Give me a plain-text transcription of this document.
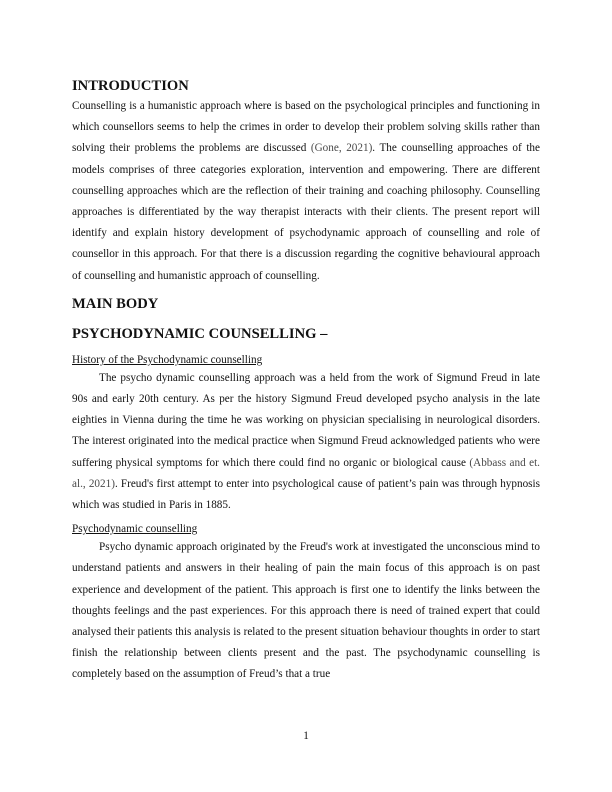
INTRODUCTION

Counselling is a humanistic approach where is based on the psychological principles and functioning in which counsellors seems to help the crimes in order to develop their problem solving skills rather than solving their problems the problems are discussed (Gone, 2021). The counselling approaches of the models comprises of three categories exploration, intervention and empowering. There are different counselling approaches which are the reflection of their training and coaching philosophy. Counselling approaches is differentiated by the way therapist interacts with their clients. The present report will identify and explain history development of psychodynamic approach of counselling and role of counsellor in this approach. For that there is a discussion regarding the cognitive behavioural approach of counselling and humanistic approach of counselling.

MAIN BODY
PSYCHODYNAMIC COUNSELLING –

History of the Psychodynamic counselling

The psycho dynamic counselling approach was a held from the work of Sigmund Freud in late 90s and early 20th century. As per the history Sigmund Freud developed psycho analysis in the late eighties in Vienna during the time he was working on physician specialising in neurological disorders. The interest originated into the medical practice when Sigmund Freud acknowledged patients who were suffering physical symptoms for which there could find no organic or biological cause (Abbass and et. al., 2021). Freud's first attempt to enter into psychological cause of patient’s pain was through hypnosis which was studied in Paris in 1885.

Psychodynamic counselling

Psycho dynamic approach originated by the Freud's work at investigated the unconscious mind to understand patients and answers in their healing of pain the main focus of this approach is on past experience and development of the patient. This approach is first one to identify the links between the thoughts feelings and the past experiences. For this approach there is need of trained expert that could analysed their patients this analysis is related to the present situation behaviour thoughts in order to start finish the relationship between clients present and the past. The psychodynamic counselling is completely based on the assumption of Freud’s that a true

1
